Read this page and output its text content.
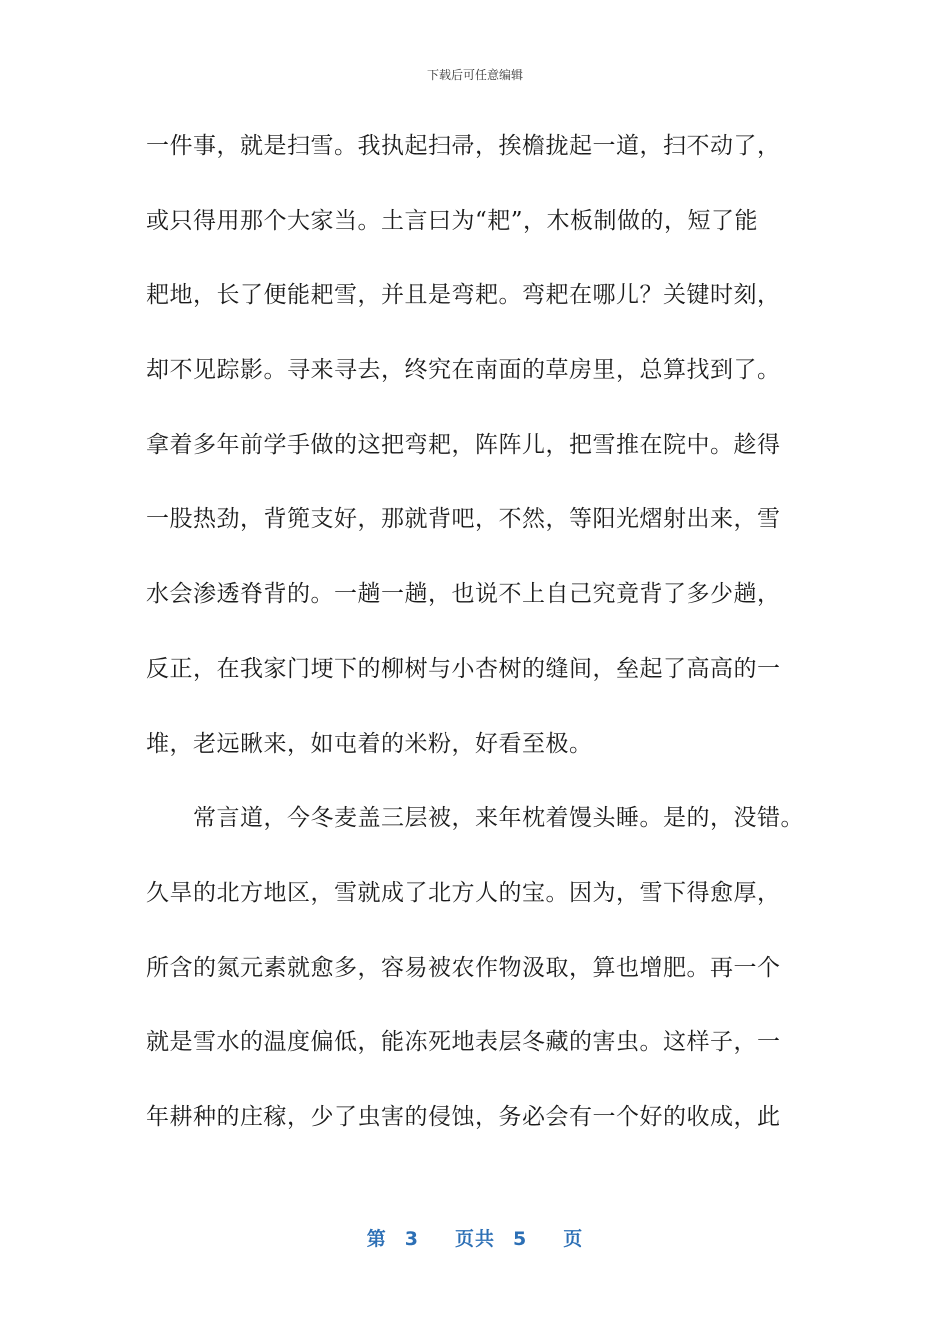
下载后可任意编辑
一件事，就是扫雪。我执起扫帚，挨檐拢起一道，扫不动了，
或只得用那个大家当。土言曰为“耙”，木板制做的，短了能
耙地，长了便能耙雪，并且是弯耙。弯耙在哪儿？关键时刻，
却不见踪影。寻来寻去，终究在南面的草房里，总算找到了。
拿着多年前学手做的这把弯耙，阵阵儿，把雪推在院中。趁得
一股热劲，背篼支好，那就背吧，不然，等阳光熠射出来，雪
水会渗透脊背的。一趟一趟，也说不上自己究竟背了多少趟，
反正，在我家门埂下的柳树与小杏树的缝间，垒起了高高的一
堆，老远瞅来，如屯着的米粉，好看至极。
常言道，今冬麦盖三层被，来年枕着馒头睡。是的，没错。
久旱的北方地区，雪就成了北方人的宝。因为，雪下得愈厚，
所含的氮元素就愈多，容易被农作物汲取，算也增肥。再一个
就是雪水的温度偏低，能冻死地表层冬藏的害虫。这样子，一
年耕种的庄稼，少了虫害的侵蚀，务必会有一个好的收成，此
第 3 页共 5 页
